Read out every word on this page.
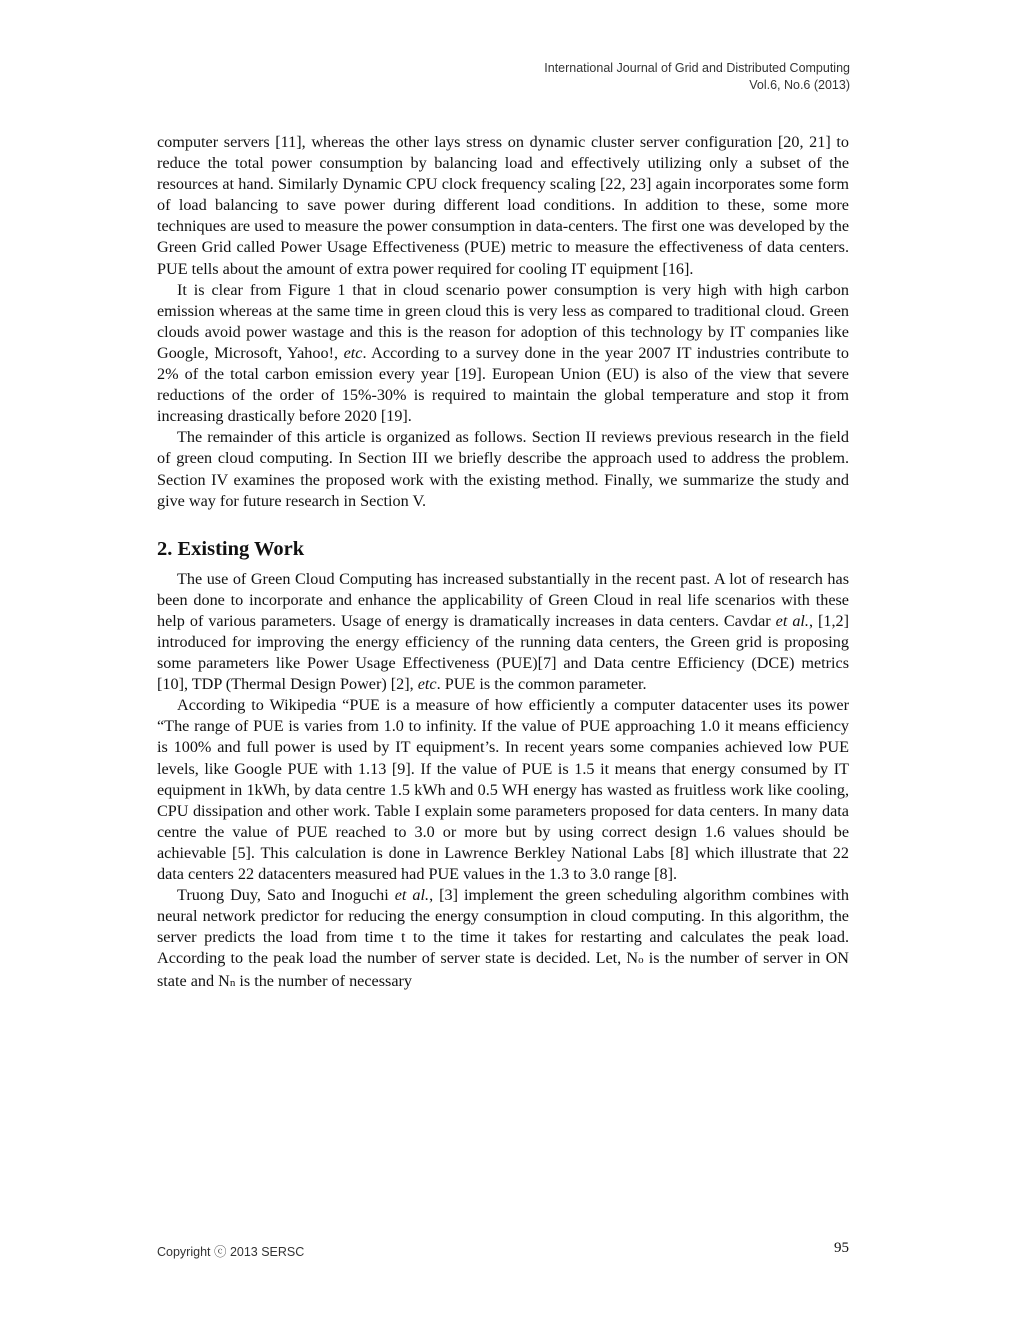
International Journal of Grid and Distributed Computing
Vol.6, No.6 (2013)

computer servers [11], whereas the other lays stress on dynamic cluster server configuration [20, 21] to reduce the total power consumption by balancing load and effectively utilizing only a subset of the resources at hand. Similarly Dynamic CPU clock frequency scaling [22, 23] again incorporates some form of load balancing to save power during different load conditions. In addition to these, some more techniques are used to measure the power consumption in data-centers. The first one was developed by the Green Grid called Power Usage Effectiveness (PUE) metric to measure the effectiveness of data centers. PUE tells about the amount of extra power required for cooling IT equipment [16].

It is clear from Figure 1 that in cloud scenario power consumption is very high with high carbon emission whereas at the same time in green cloud this is very less as compared to traditional cloud. Green clouds avoid power wastage and this is the reason for adoption of this technology by IT companies like Google, Microsoft, Yahoo!, etc. According to a survey done in the year 2007 IT industries contribute to 2% of the total carbon emission every year [19]. European Union (EU) is also of the view that severe reductions of the order of 15%-30% is required to maintain the global temperature and stop it from increasing drastically before 2020 [19].

The remainder of this article is organized as follows. Section II reviews previous research in the field of green cloud computing. In Section III we briefly describe the approach used to address the problem. Section IV examines the proposed work with the existing method. Finally, we summarize the study and give way for future research in Section V.

2. Existing Work

The use of Green Cloud Computing has increased substantially in the recent past. A lot of research has been done to incorporate and enhance the applicability of Green Cloud in real life scenarios with these help of various parameters. Usage of energy is dramatically increases in data centers. Cavdar et al., [1,2] introduced for improving the energy efficiency of the running data centers, the Green grid is proposing some parameters like Power Usage Effectiveness (PUE)[7] and Data centre Efficiency (DCE) metrics [10], TDP (Thermal Design Power) [2], etc. PUE is the common parameter.

According to Wikipedia “PUE is a measure of how efficiently a computer datacenter uses its power “The range of PUE is varies from 1.0 to infinity. If the value of PUE approaching 1.0 it means efficiency is 100% and full power is used by IT equipment’s. In recent years some companies achieved low PUE levels, like Google PUE with 1.13 [9]. If the value of PUE is 1.5 it means that energy consumed by IT equipment in 1kWh, by data centre 1.5 kWh and 0.5 WH energy has wasted as fruitless work like cooling, CPU dissipation and other work. Table I explain some parameters proposed for data centers. In many data centre the value of PUE reached to 3.0 or more but by using correct design 1.6 values should be achievable [5]. This calculation is done in Lawrence Berkley National Labs [8] which illustrate that 22 data centers 22 datacenters measured had PUE values in the 1.3 to 3.0 range [8].

Truong Duy, Sato and Inoguchi et al., [3] implement the green scheduling algorithm combines with neural network predictor for reducing the energy consumption in cloud computing. In this algorithm, the server predicts the load from time t to the time it takes for restarting and calculates the peak load. According to the peak load the number of server state is decided. Let, No is the number of server in ON state and Nn is the number of necessary

Copyright ⓒ 2013 SERSC	95
